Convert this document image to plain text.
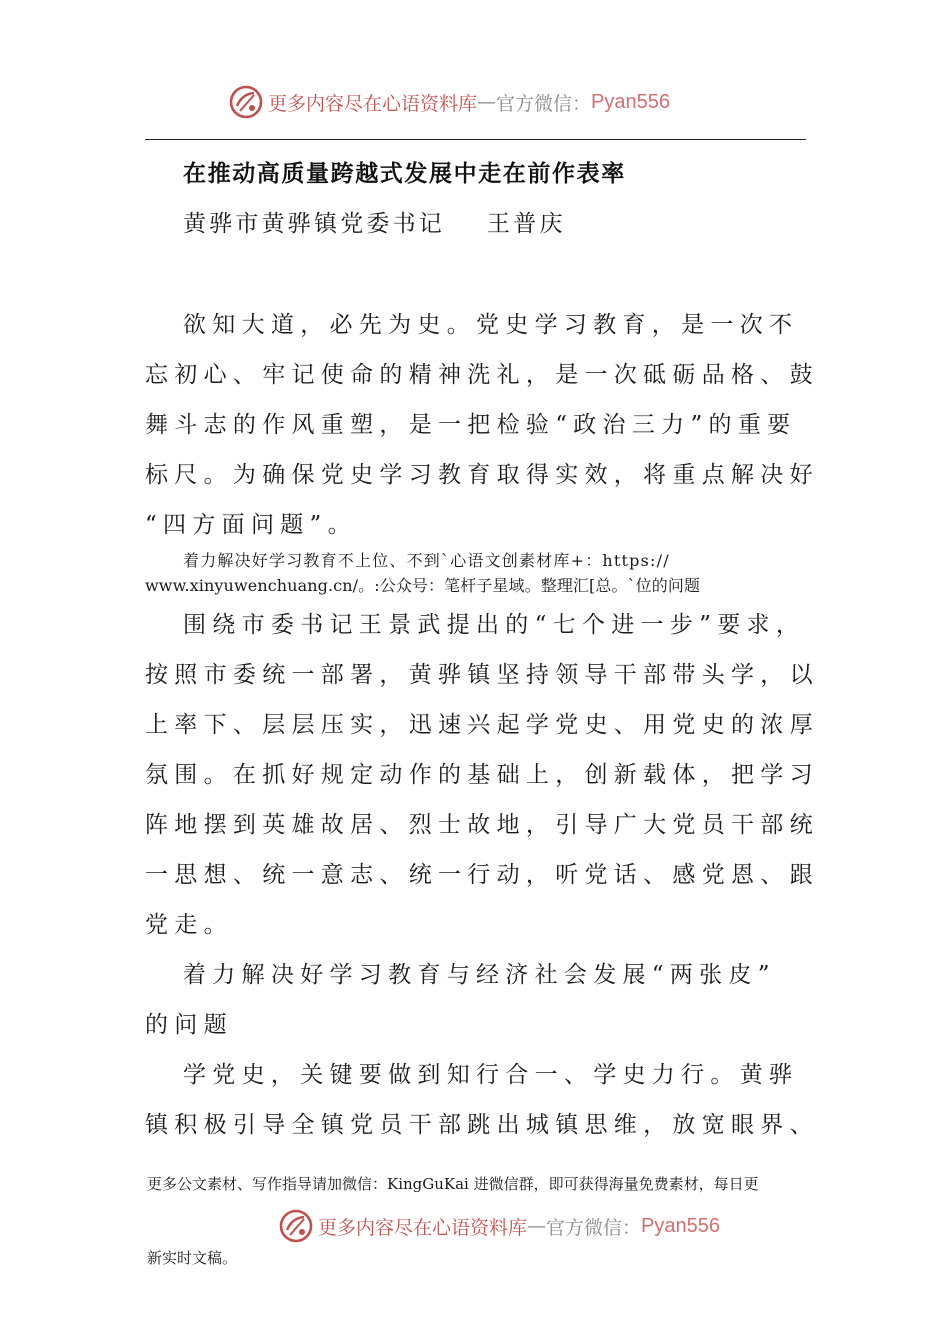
更多内容尽在心语资料库 — 官方微信： Pyan556
在推动高质量跨越式发展中走在前作表率
黄骅市黄骅镇党委书记    王普庆
欲知大道，必先为史。党史学习教育，是一次不
忘初心、牢记使命的精神洗礼，是一次砥砺品格、鼓
舞斗志的作风重塑，是一把检验“政治三力”的重要
标尺。为确保党史学习教育取得实效，将重点解决好
“四方面问题”。
着力解决好学习教育不上位、不到`心语文创素材库+：https://
www.xinyuwenchuang.cn/。:公众号：笔杆子星域。整理汇[总。`位的问题
围绕市委书记王景武提出的“七个进一步”要求，
按照市委统一部署，黄骅镇坚持领导干部带头学，以
上率下、层层压实，迅速兴起学党史、用党史的浓厚
氛围。在抓好规定动作的基础上，创新载体，把学习
阵地摆到英雄故居、烈士故地，引导广大党员干部统
一思想、统一意志、统一行动，听党话、感党恩、跟
党走。
着力解决好学习教育与经济社会发展“两张皮”
的问题
学党史，关键要做到知行合一、学史力行。黄骅
镇积极引导全镇党员干部跳出城镇思维，放宽眼界、
更多公文素材、写作指导请加微信：KingGuKai 进微信群，即可获得海量免费素材，每日更
更多内容尽在心语资料库 — 官方微信： Pyan556
新实时文稿。
